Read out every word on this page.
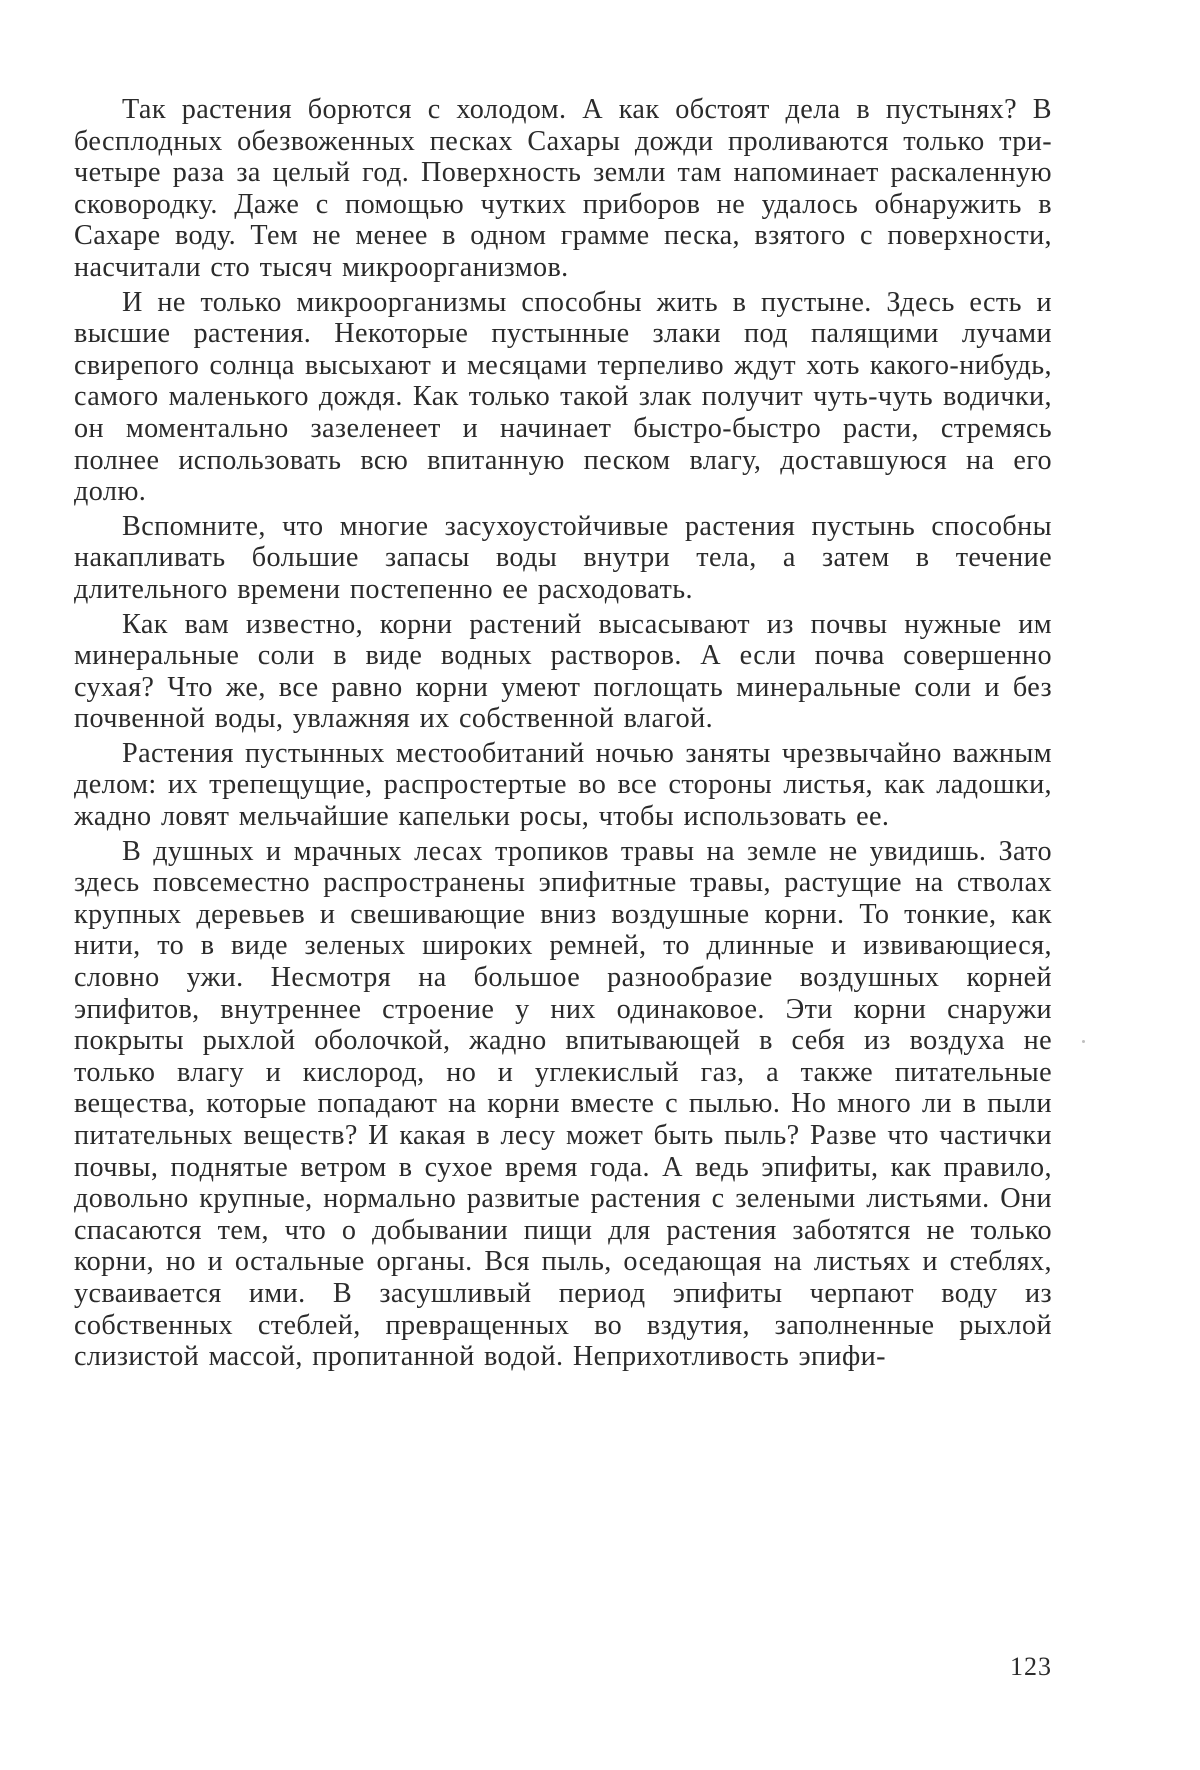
Так растения борются с холодом. А как обстоят дела в пустынях? В бесплодных обезвоженных песках Сахары дожди проливаются только три-четыре раза за целый год. Поверхность земли там напоминает раскаленную сковородку. Даже с помощью чутких приборов не удалось обнаружить в Сахаре воду. Тем не менее в одном грамме песка, взятого с поверхности, насчитали сто тысяч микроорганизмов.

И не только микроорганизмы способны жить в пустыне. Здесь есть и высшие растения. Некоторые пустынные злаки под палящими лучами свирепого солнца высыхают и месяцами терпеливо ждут хоть какого-нибудь, самого маленького дождя. Как только такой злак получит чуть-чуть водички, он моментально зазеленеет и начинает быстро-быстро расти, стремясь полнее использовать всю впитанную песком влагу, доставшуюся на его долю.

Вспомните, что многие засухоустойчивые растения пустынь способны накапливать большие запасы воды внутри тела, а затем в течение длительного времени постепенно ее расходовать.

Как вам известно, корни растений высасывают из почвы нужные им минеральные соли в виде водных растворов. А если почва совершенно сухая? Что же, все равно корни умеют поглощать минеральные соли и без почвенной воды, увлажняя их собственной влагой.

Растения пустынных местообитаний ночью заняты чрезвычайно важным делом: их трепещущие, распростертые во все стороны листья, как ладошки, жадно ловят мельчайшие капельки росы, чтобы использовать ее.

В душных и мрачных лесах тропиков травы на земле не увидишь. Зато здесь повсеместно распространены эпифитные травы, растущие на стволах крупных деревьев и свешивающие вниз воздушные корни. То тонкие, как нити, то в виде зеленых широких ремней, то длинные и извивающиеся, словно ужи. Несмотря на большое разнообразие воздушных корней эпифитов, внутреннее строение у них одинаковое. Эти корни снаружи покрыты рыхлой оболочкой, жадно впитывающей в себя из воздуха не только влагу и кислород, но и углекислый газ, а также питательные вещества, которые попадают на корни вместе с пылью. Но много ли в пыли питательных веществ? И какая в лесу может быть пыль? Разве что частички почвы, поднятые ветром в сухое время года. А ведь эпифиты, как правило, довольно крупные, нормально развитые растения с зелеными листьями. Они спасаются тем, что о добывании пищи для растения заботятся не только корни, но и остальные органы. Вся пыль, оседающая на листьях и стеблях, усваивается ими. В засушливый период эпифиты черпают воду из собственных стеблей, превращенных во вздутия, заполненные рыхлой слизистой массой, пропитанной водой. Неприхотливость эпифи-

123
